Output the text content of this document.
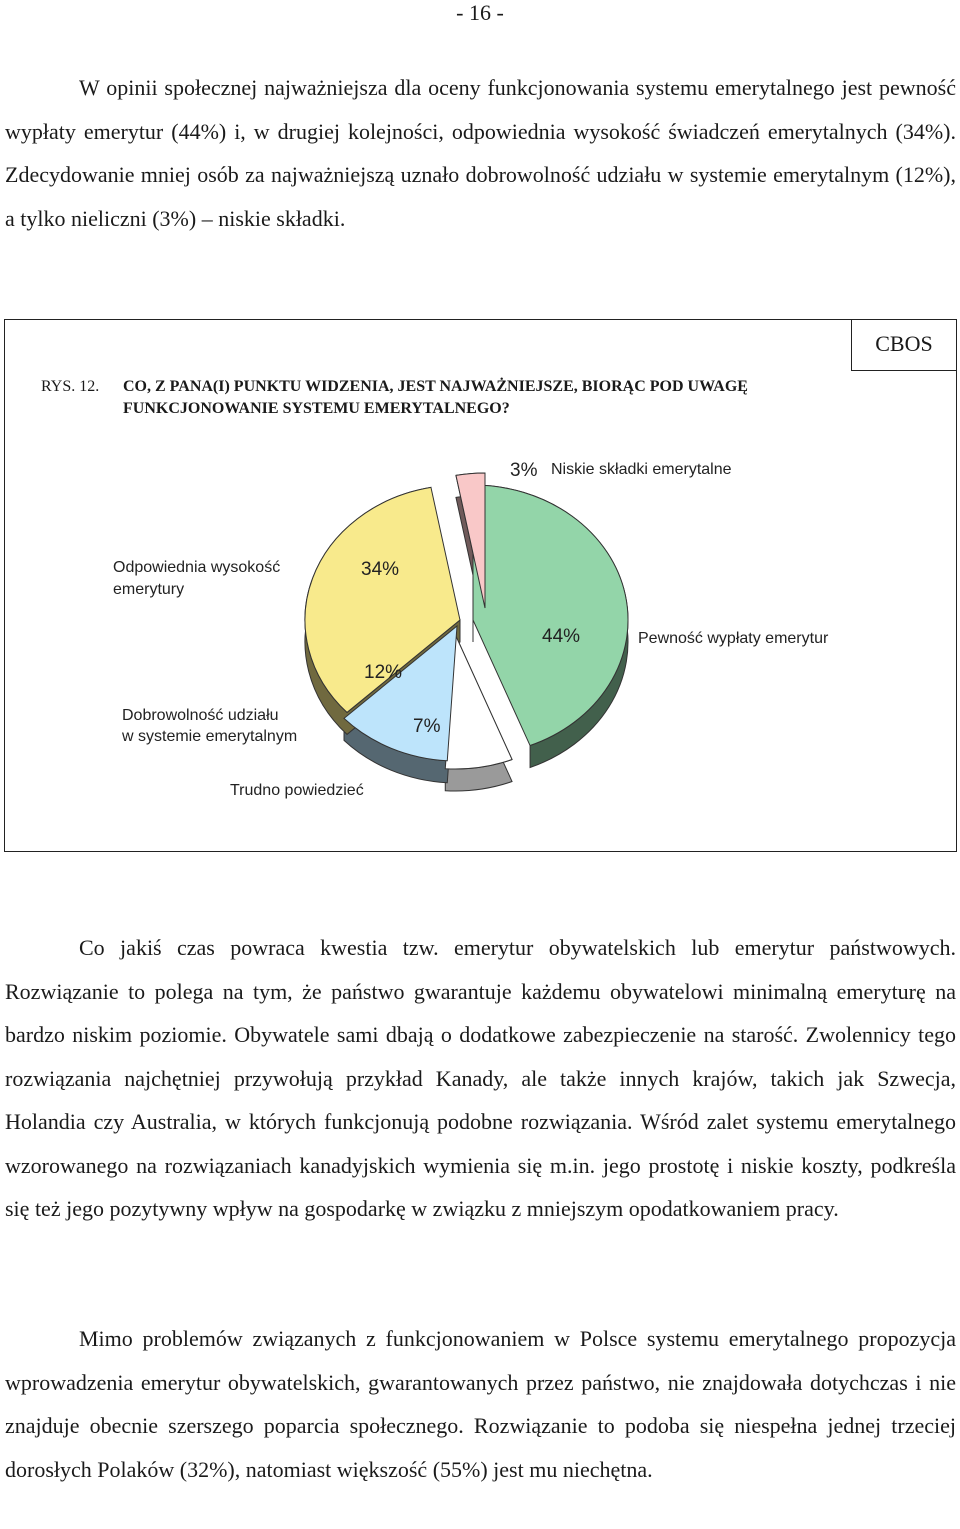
- 16 -

W opinii społecznej najważniejsza dla oceny funkcjonowania systemu emerytalnego jest pewność wypłaty emerytur (44%) i, w drugiej kolejności, odpowiednia wysokość świadczeń emerytalnych (34%). Zdecydowanie mniej osób za najważniejszą uznało dobrowolność udziału w systemie emerytalnym (12%), a tylko nieliczni (3%) – niskie składki.

CBOS
RYS. 12. CO, Z PANA(I) PUNKTU WIDZENIA, JEST NAJWAŻNIEJSZE, BIORĄC POD UWAGĘ
FUNKCJONOWANIE SYSTEMU EMERYTALNEGO?
3% Niskie składki emerytalne
Odpowiednia wysokość
emerytury
34%
44%	Pewność wypłaty emerytur
12%
Dobrowolność udziału
w systemie emerytalnym	7%
Trudno powiedzieć

Co jakiś czas powraca kwestia tzw. emerytur obywatelskich lub emerytur państwowych. Rozwiązanie to polega na tym, że państwo gwarantuje każdemu obywatelowi minimalną emeryturę na bardzo niskim poziomie. Obywatele sami dbają o dodatkowe zabezpieczenie na starość. Zwolennicy tego rozwiązania najchętniej przywołują przykład Kanady, ale także innych krajów, takich jak Szwecja, Holandia czy Australia, w których funkcjonują podobne rozwiązania. Wśród zalet systemu emerytalnego wzorowanego na rozwiązaniach kanadyjskich wymienia się m.in. jego prostotę i niskie koszty, podkreśla się też jego pozytywny wpływ na gospodarkę w związku z mniejszym opodatkowaniem pracy.

Mimo problemów związanych z funkcjonowaniem w Polsce systemu emerytalnego propozycja wprowadzenia emerytur obywatelskich, gwarantowanych przez państwo, nie znajdowała dotychczas i nie znajduje obecnie szerszego poparcia społecznego. Rozwiązanie to podoba się niespełna jednej trzeciej dorosłych Polaków (32%), natomiast większość (55%) jest mu niechętna.
